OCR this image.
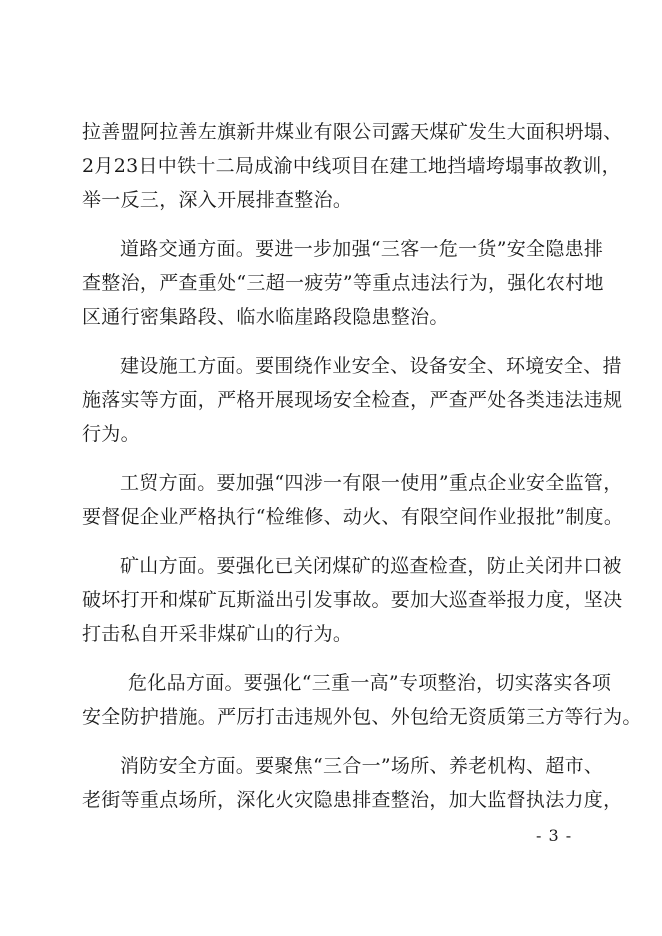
拉善盟阿拉善左旗新井煤业有限公司露天煤矿发生大面积坍塌、
2月23日中铁十二局成渝中线项目在建工地挡墙垮塌事故教训，
举一反三，深入开展排查整治。
道路交通方面。要进一步加强“三客一危一货”安全隐患排
查整治，严查重处“三超一疲劳”等重点违法行为，强化农村地
区通行密集路段、临水临崖路段隐患整治。
建设施工方面。要围绕作业安全、设备安全、环境安全、措
施落实等方面，严格开展现场安全检查，严查严处各类违法违规
行为。
工贸方面。要加强“四涉一有限一使用”重点企业安全监管，
要督促企业严格执行“检维修、动火、有限空间作业报批”制度。
矿山方面。要强化已关闭煤矿的巡查检查，防止关闭井口被
破坏打开和煤矿瓦斯溢出引发事故。要加大巡查举报力度，坚决
打击私自开采非煤矿山的行为。
危化品方面。要强化“三重一高”专项整治，切实落实各项
安全防护措施。严厉打击违规外包、外包给无资质第三方等行为。
消防安全方面。要聚焦“三合一”场所、养老机构、超市、
老街等重点场所，深化火灾隐患排查整治，加大监督执法力度，
- 3 -
